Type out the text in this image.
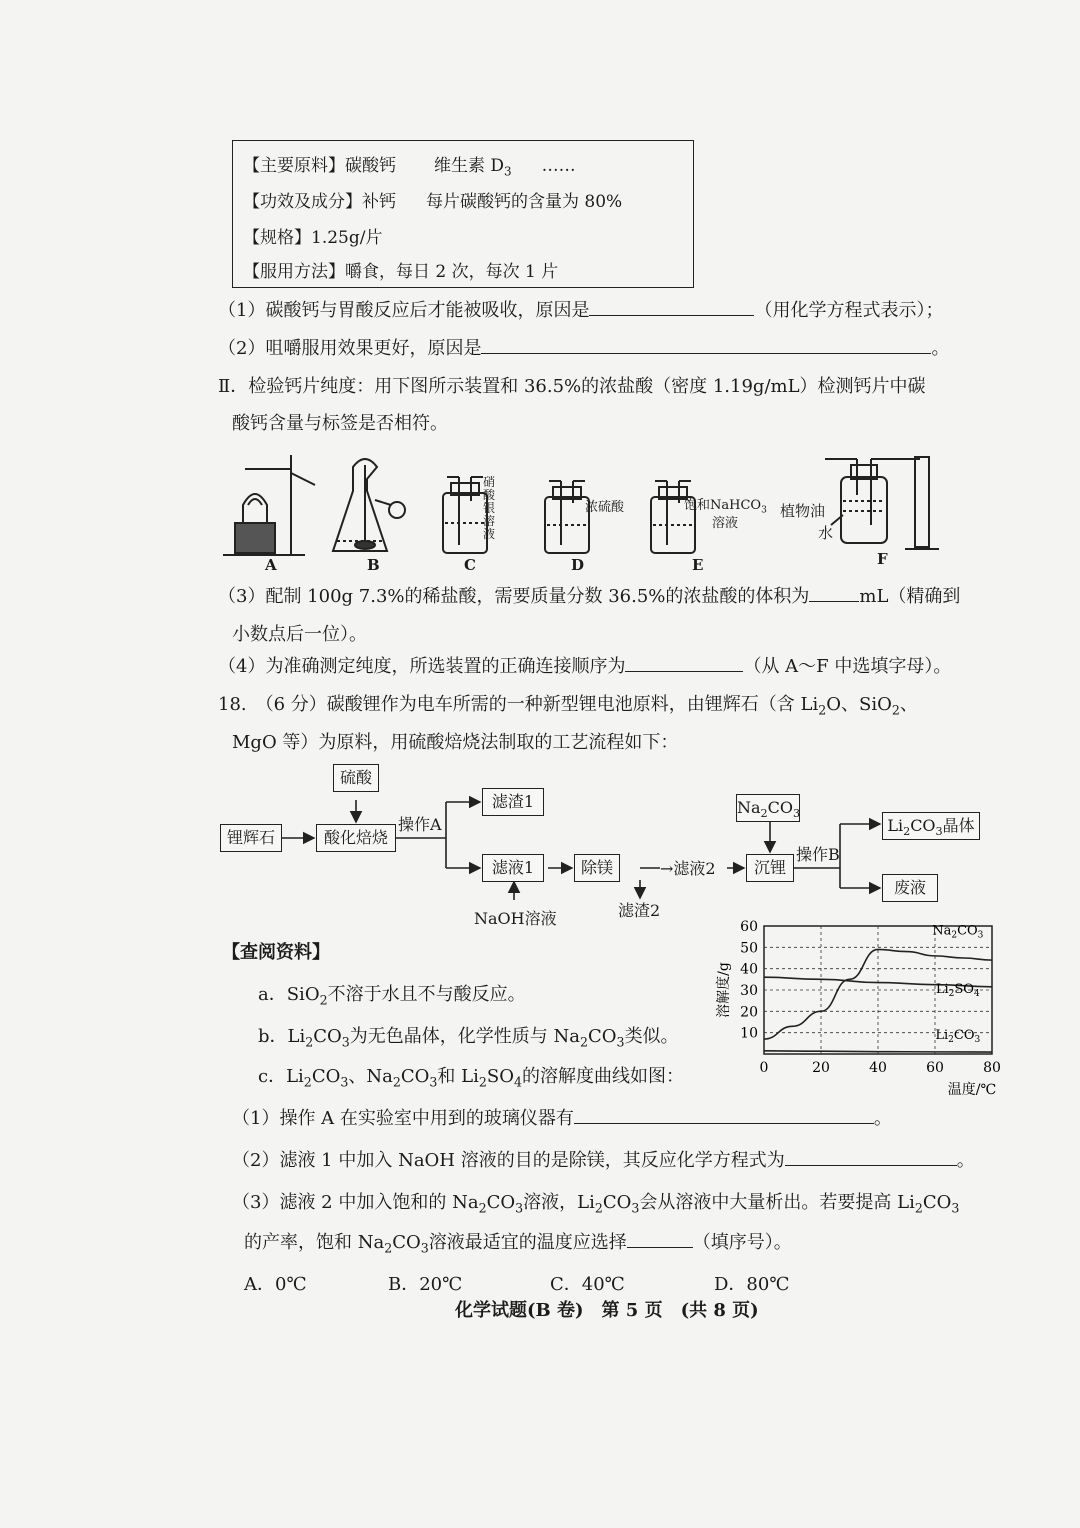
【主要原料】碳酸钙 维生素 $D_3$ ……
【功效及成分】补钙 每片碳酸钙的含量为 80%
【规格】1.25g/片
【服用方法】嚼食，每日 2 次，每次 1 片
（1）碳酸钙与胃酸反应后才能被吸收，原因是	（用化学方程式表示）；
（2）咀嚼服用效果更好，原因是	。
Ⅱ．检验钙片纯度：用下图所示装置和 36.5%的浓盐酸（密度 1.19g/mL）检测钙片中碳
酸钙含量与标签是否相符。
A	B	C	D	E	F
硝酸银溶液
浓硫酸	饱和NaHCO$_3$
溶液
植物油
水
（3）配制 100g 7.3%的稀盐酸，需要质量分数 36.5%的浓盐酸的体积为	mL（精确到
小数点后一位）。
（4）为准确测定纯度，所选装置的正确连接顺序为	（从 A～F 中选填字母）。
18.　（6 分）碳酸锂作为电车所需的一种新型锂电池原料，由锂辉石（含 $Li_2O$、SiO$_2$、
MgO 等）为原料，用硫酸焙烧法制取的工艺流程如下：
硫酸
锂辉石	酸化焙烧
操作A
滤渣1
滤液1	除镁	→滤液2
滤渣2
NaOH溶液
$Na_2CO_3$
沉锂
操作B
$Li_2CO_3$晶体
废液
【查阅资料】
a．SiO$_2$不溶于水且不与酸反应。
b．$Li_2CO_3$为无色晶体，化学性质与 $Na_2CO_3$类似。
c．$Li_2CO_3$、$Na_2CO_3$和 $Li_2SO_4$的溶解度曲线如图：
10
20
30
40
50
60
0	20	40	60	80
温度/℃
溶解度/g
$Na_2CO_3$
$Li_2SO_4$
$Li_2CO_3$
（1）操作 A 在实验室中用到的玻璃仪器有	。
（2）滤液 1 中加入 NaOH 溶液的目的是除镁，其反应化学方程式为	。
（3）滤液 2 中加入饱和的 $Na_2CO_3$溶液，$Li_2CO_3$会从溶液中大量析出。若要提高 $Li_2CO_3$
的产率，饱和 $Na_2CO_3$溶液最适宜的温度应选择	（填序号）。
A．0℃	B．20℃	C．40℃	D．80℃
化学试题(B 卷)　第 5 页　(共 8 页)
